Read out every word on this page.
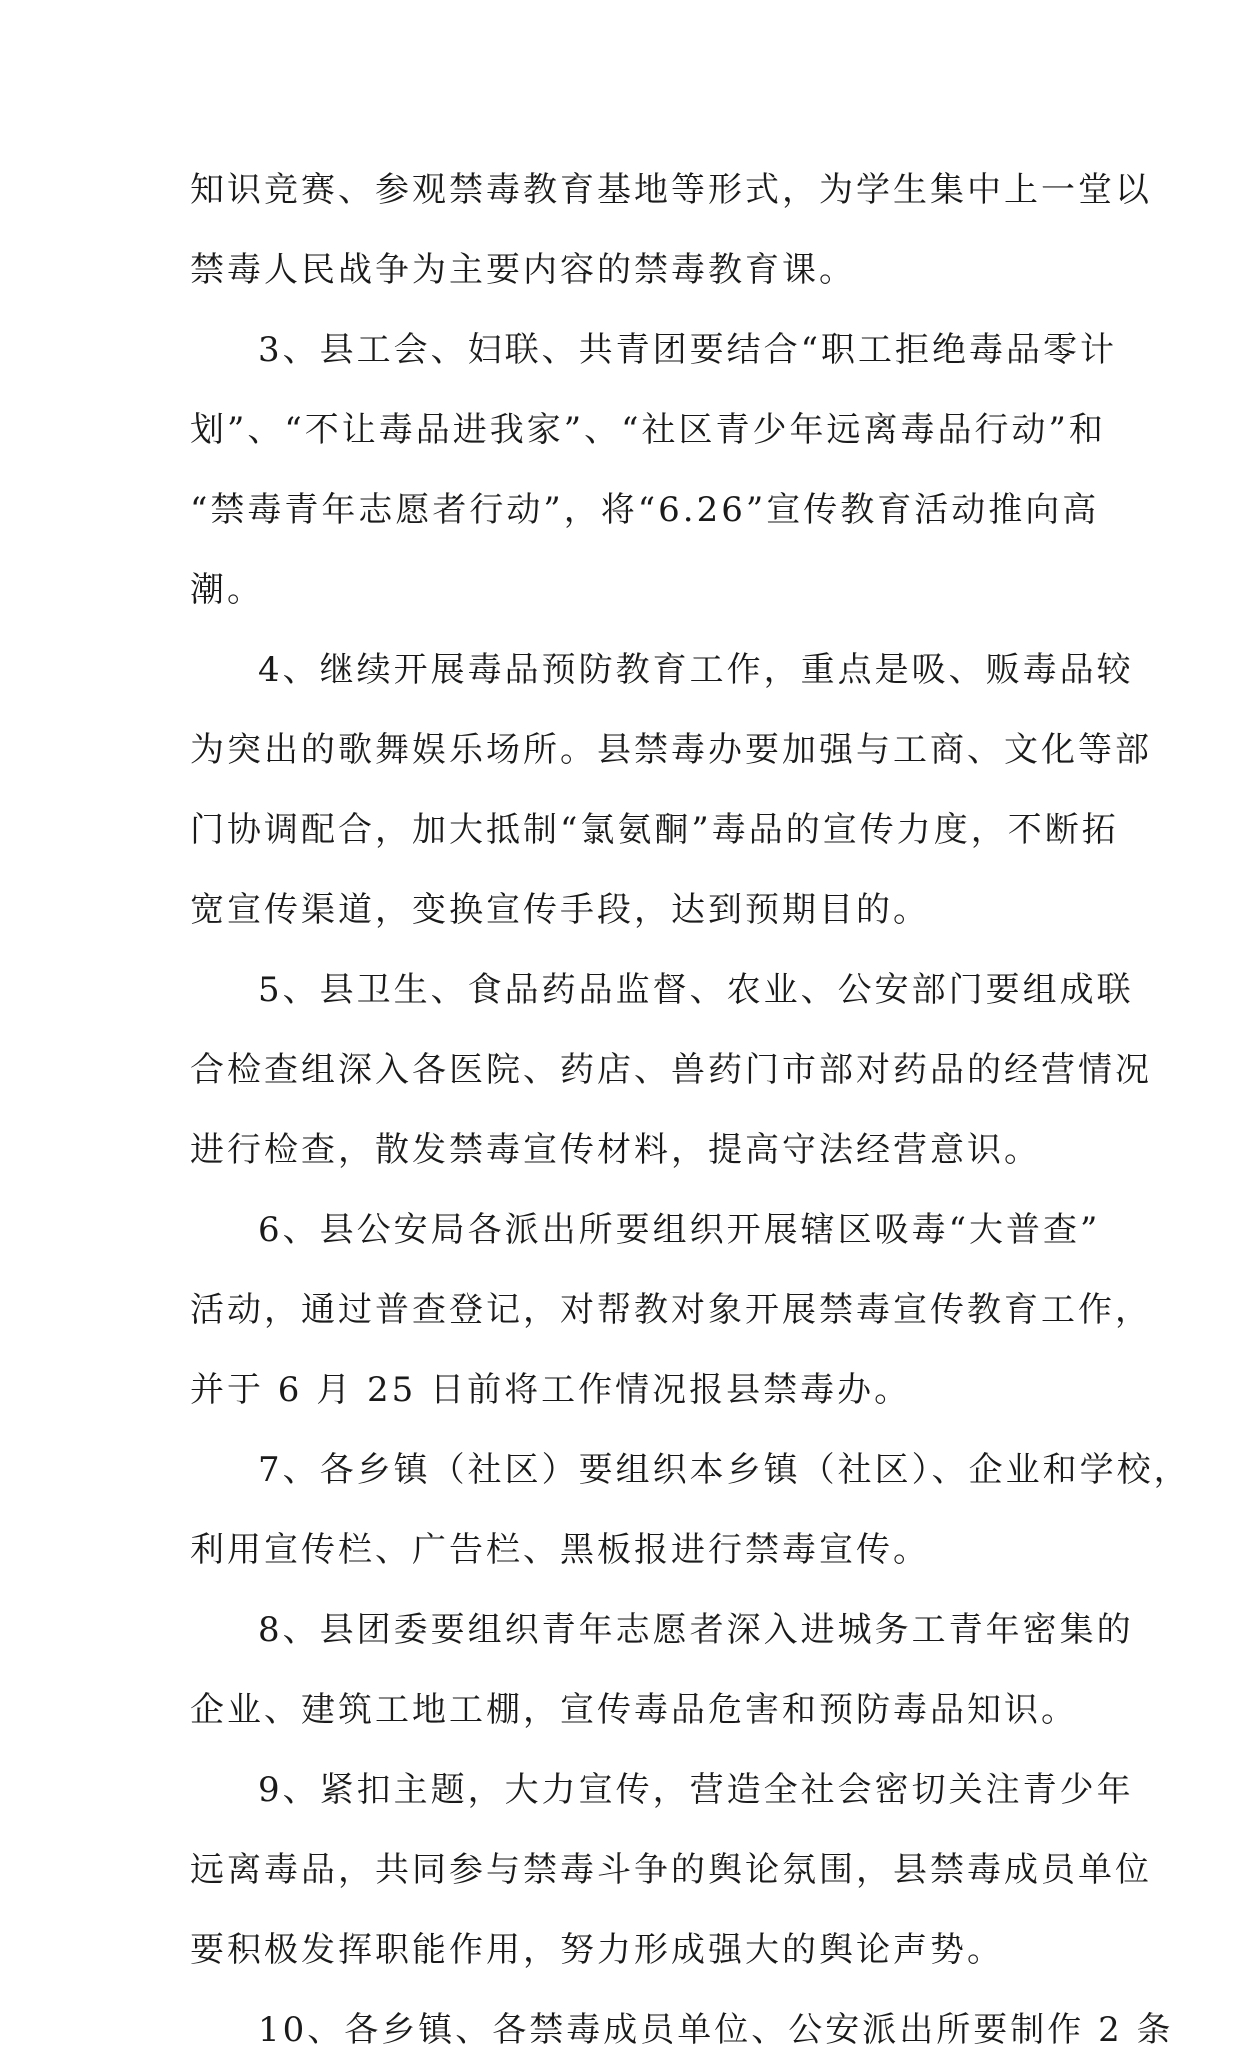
知识竞赛、参观禁毒教育基地等形式，为学生集中上一堂以
禁毒人民战争为主要内容的禁毒教育课。
3、县工会、妇联、共青团要结合“职工拒绝毒品零计
划”、“不让毒品进我家”、“社区青少年远离毒品行动”和
“禁毒青年志愿者行动”，将“6.26”宣传教育活动推向高
潮。
4、继续开展毒品预防教育工作，重点是吸、贩毒品较
为突出的歌舞娱乐场所。县禁毒办要加强与工商、文化等部
门协调配合，加大抵制“氯氨酮”毒品的宣传力度，不断拓
宽宣传渠道，变换宣传手段，达到预期目的。
5、县卫生、食品药品监督、农业、公安部门要组成联
合检查组深入各医院、药店、兽药门市部对药品的经营情况
进行检查，散发禁毒宣传材料，提高守法经营意识。
6、县公安局各派出所要组织开展辖区吸毒“大普查”
活动，通过普查登记，对帮教对象开展禁毒宣传教育工作，
并于 6 月 25 日前将工作情况报县禁毒办。
7、各乡镇（社区）要组织本乡镇（社区）、企业和学校，
利用宣传栏、广告栏、黑板报进行禁毒宣传。
8、县团委要组织青年志愿者深入进城务工青年密集的
企业、建筑工地工棚，宣传毒品危害和预防毒品知识。
9、紧扣主题，大力宣传，营造全社会密切关注青少年
远离毒品，共同参与禁毒斗争的舆论氛围，县禁毒成员单位
要积极发挥职能作用，努力形成强大的舆论声势。
10、各乡镇、各禁毒成员单位、公安派出所要制作 2 条
